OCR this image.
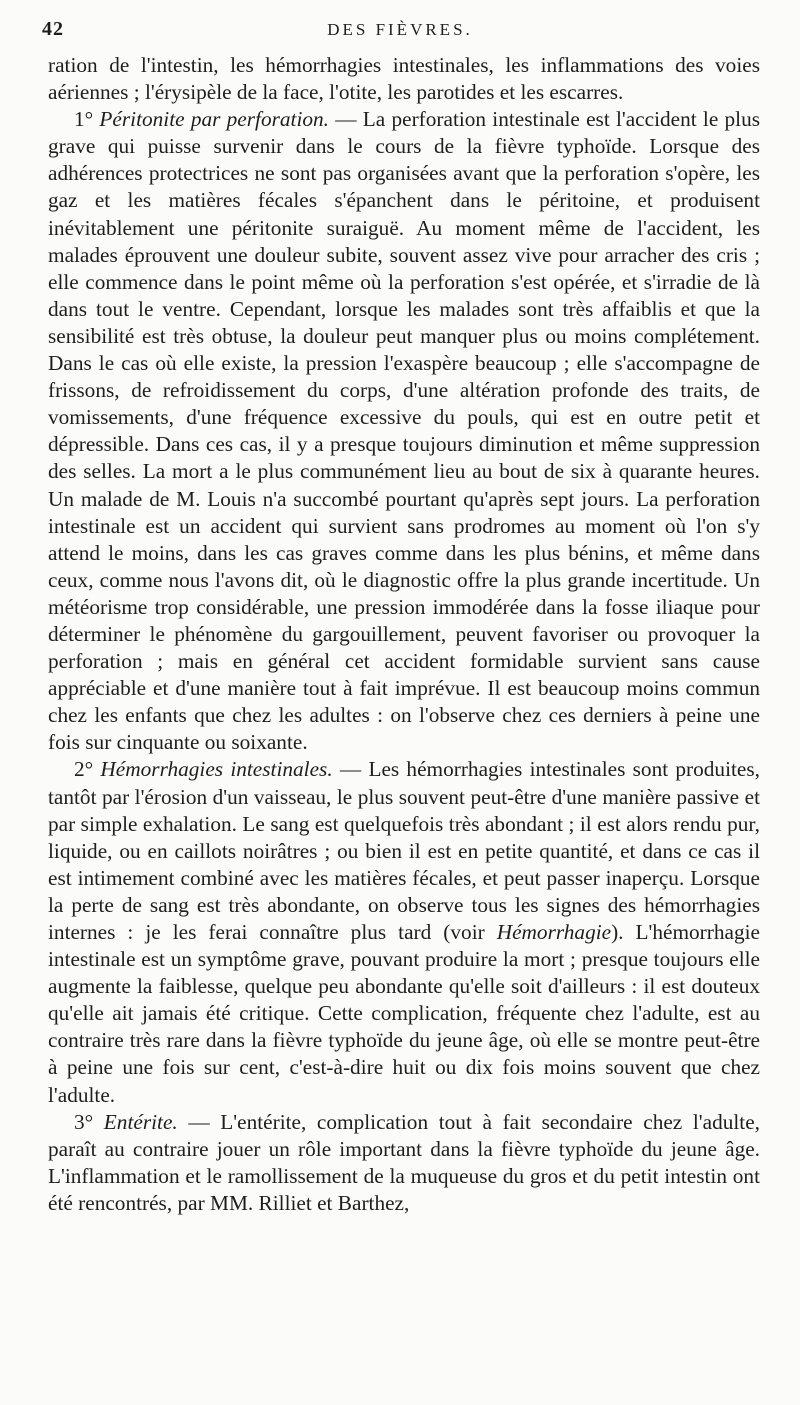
42	DES FIÈVRES.

ration de l'intestin, les hémorrhagies intestinales, les inflammations des voies aériennes ; l'érysipèle de la face, l'otite, les parotides et les escarres.

1° Péritonite par perforation. — La perforation intestinale est l'accident le plus grave qui puisse survenir dans le cours de la fièvre typhoïde. Lorsque des adhérences protectrices ne sont pas organisées avant que la perforation s'opère, les gaz et les matières fécales s'épanchent dans le péritoine, et produisent inévitablement une péritonite suraiguë. Au moment même de l'accident, les malades éprouvent une douleur subite, souvent assez vive pour arracher des cris ; elle commence dans le point même où la perforation s'est opérée, et s'irradie de là dans tout le ventre. Cependant, lorsque les malades sont très affaiblis et que la sensibilité est très obtuse, la douleur peut manquer plus ou moins complétement. Dans le cas où elle existe, la pression l'exaspère beaucoup ; elle s'accompagne de frissons, de refroidissement du corps, d'une altération profonde des traits, de vomissements, d'une fréquence excessive du pouls, qui est en outre petit et dépressible. Dans ces cas, il y a presque toujours diminution et même suppression des selles. La mort a le plus communément lieu au bout de six à quarante heures. Un malade de M. Louis n'a succombé pourtant qu'après sept jours. La perforation intestinale est un accident qui survient sans prodromes au moment où l'on s'y attend le moins, dans les cas graves comme dans les plus bénins, et même dans ceux, comme nous l'avons dit, où le diagnostic offre la plus grande incertitude. Un météorisme trop considérable, une pression immodérée dans la fosse iliaque pour déterminer le phénomène du gargouillement, peuvent favoriser ou provoquer la perforation ; mais en général cet accident formidable survient sans cause appréciable et d'une manière tout à fait imprévue. Il est beaucoup moins commun chez les enfants que chez les adultes : on l'observe chez ces derniers à peine une fois sur cinquante ou soixante.

2° Hémorrhagies intestinales. — Les hémorrhagies intestinales sont produites, tantôt par l'érosion d'un vaisseau, le plus souvent peut-être d'une manière passive et par simple exhalation. Le sang est quelquefois très abondant ; il est alors rendu pur, liquide, ou en caillots noirâtres ; ou bien il est en petite quantité, et dans ce cas il est intimement combiné avec les matières fécales, et peut passer inaperçu. Lorsque la perte de sang est très abondante, on observe tous les signes des hémorrhagies internes : je les ferai connaître plus tard (voir Hémorrhagie). L'hémorrhagie intestinale est un symptôme grave, pouvant produire la mort ; presque toujours elle augmente la faiblesse, quelque peu abondante qu'elle soit d'ailleurs : il est douteux qu'elle ait jamais été critique. Cette complication, fréquente chez l'adulte, est au contraire très rare dans la fièvre typhoïde du jeune âge, où elle se montre peut-être à peine une fois sur cent, c'est-à-dire huit ou dix fois moins souvent que chez l'adulte.

3° Entérite. — L'entérite, complication tout à fait secondaire chez l'adulte, paraît au contraire jouer un rôle important dans la fièvre typhoïde du jeune âge. L'inflammation et le ramollissement de la muqueuse du gros et du petit intestin ont été rencontrés, par MM. Rilliet et Barthez,
